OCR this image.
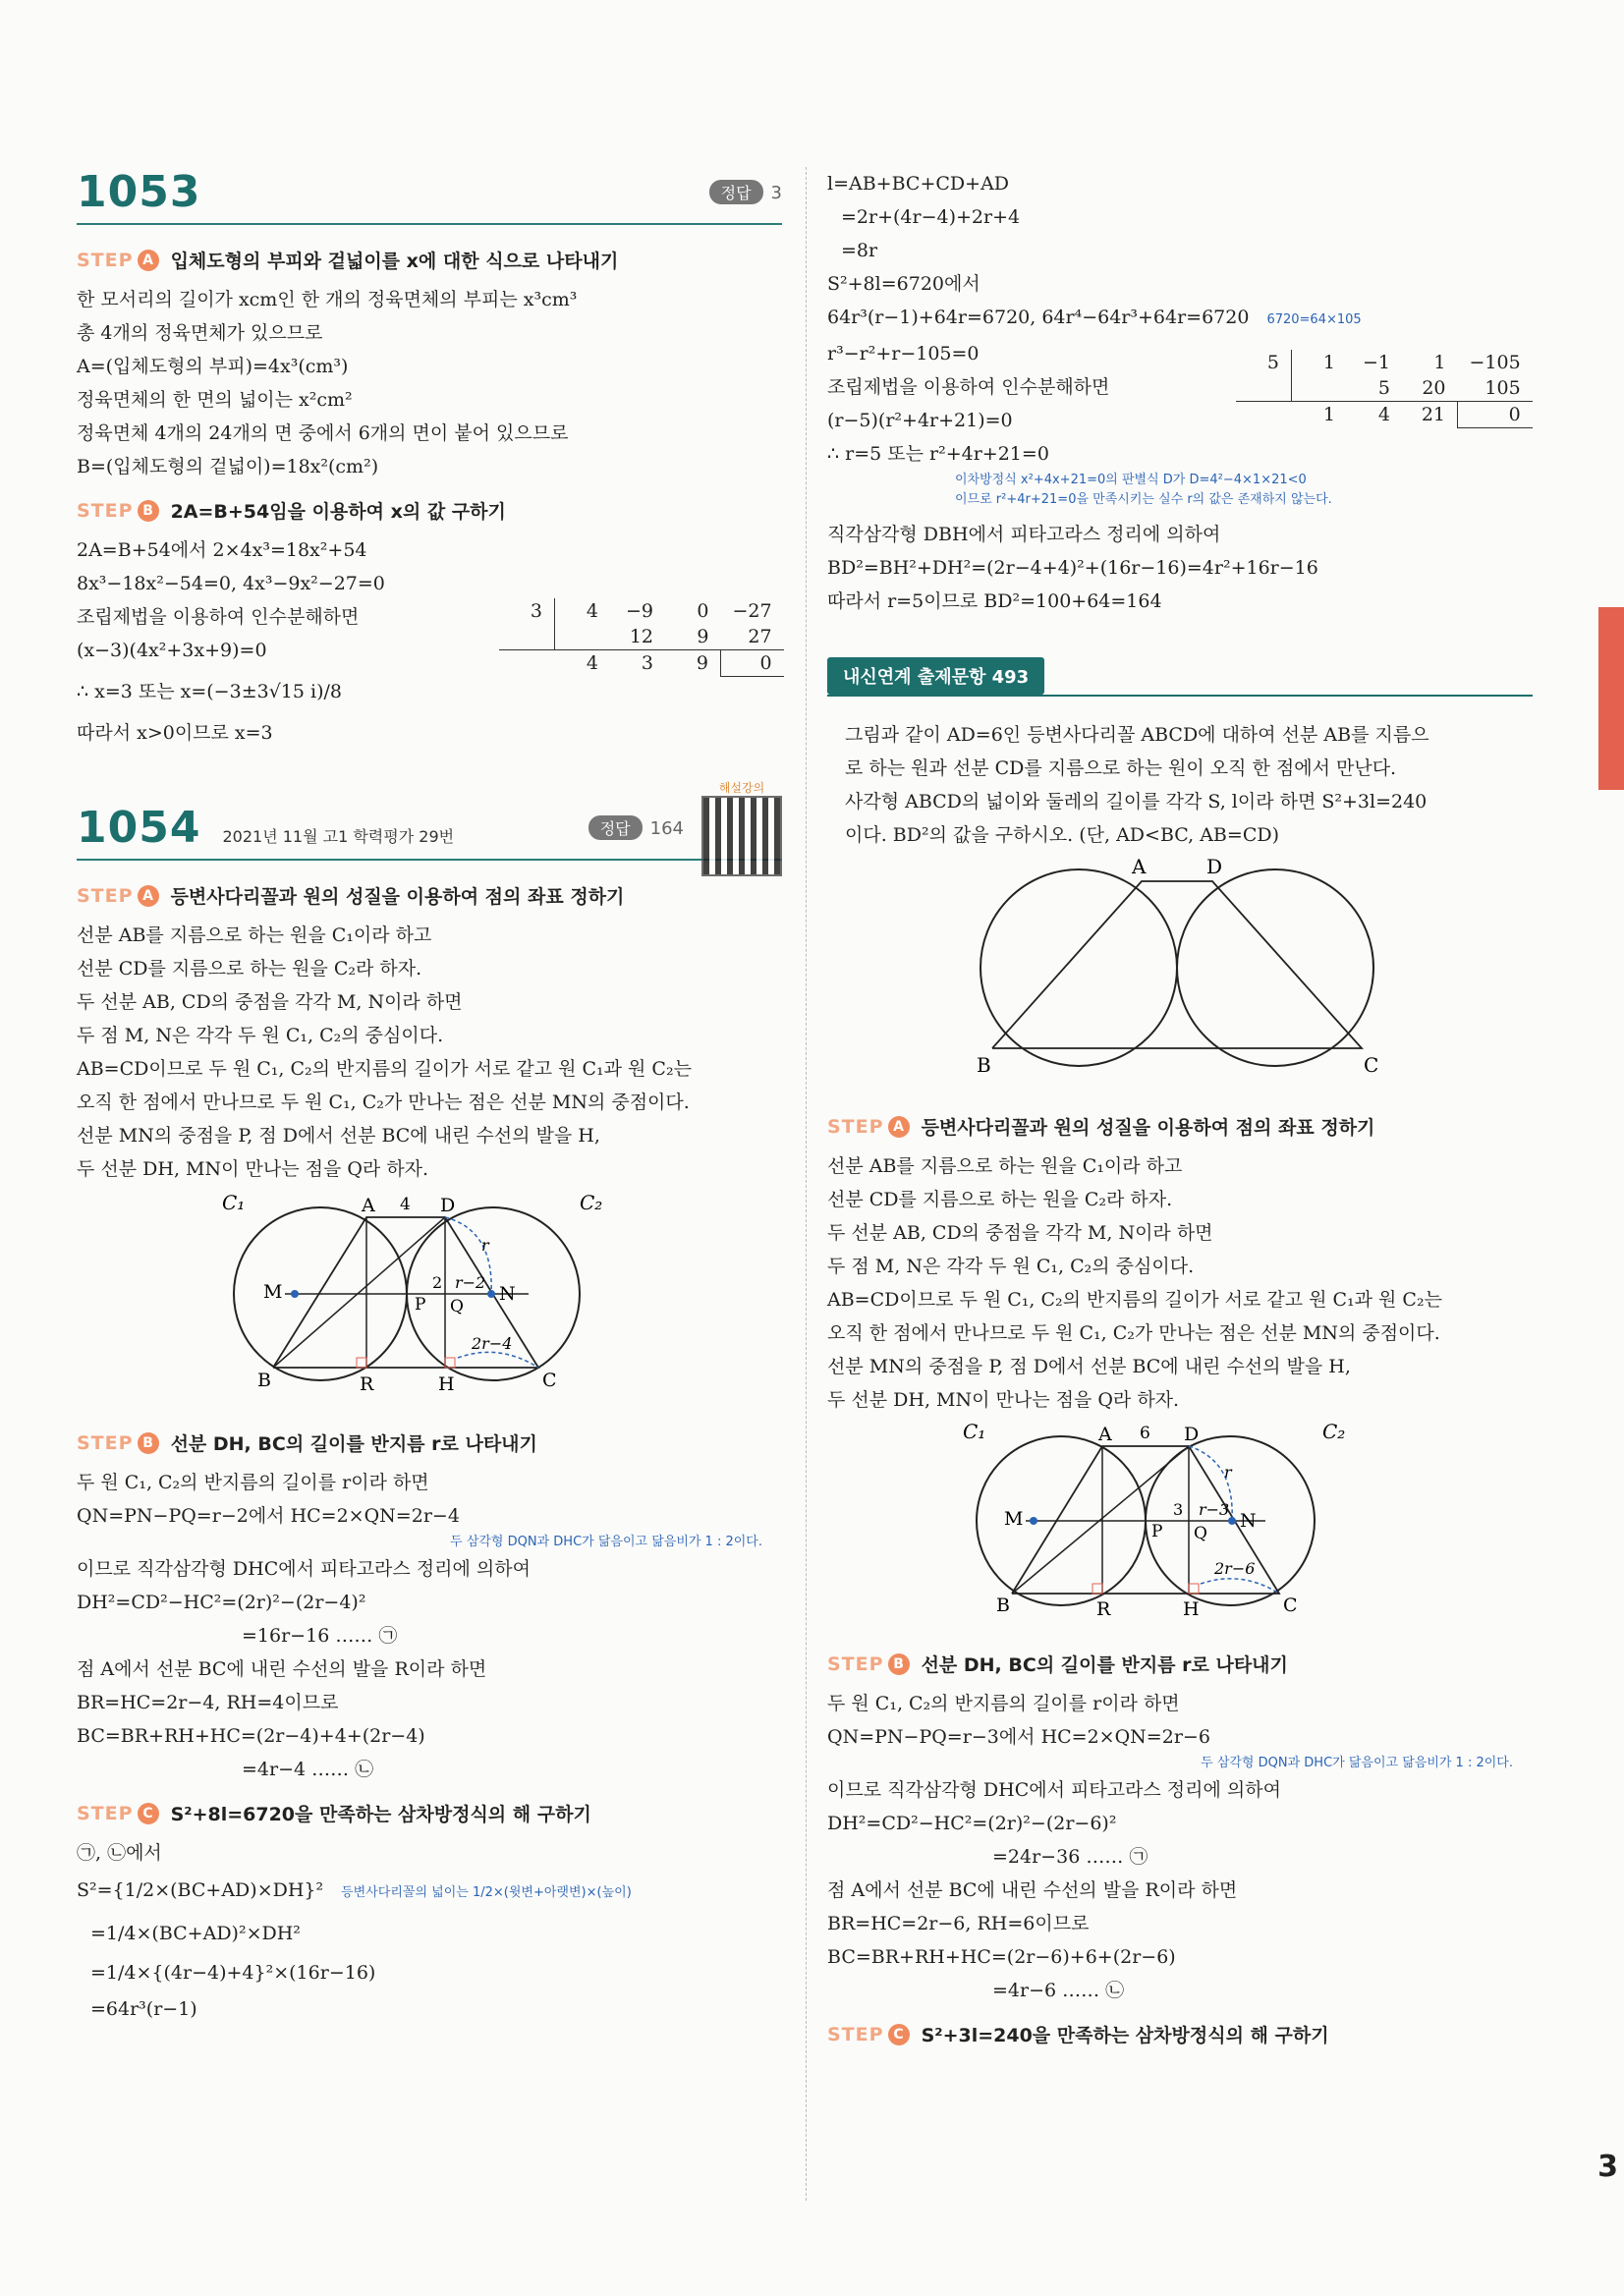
3
1053	정답 3
STEP A 입체도형의 부피와 겉넓이를 x에 대한 식으로 나타내기
한 모서리의 길이가 xcm인 한 개의 정육면체의 부피는 x³cm³
총 4개의 정육면체가 있으므로
A=(입체도형의 부피)=4x³(cm³)
정육면체의 한 면의 넓이는 x²cm²
정육면체 4개의 24개의 면 중에서 6개의 면이 붙어 있으므로
B=(입체도형의 겉넓이)=18x²(cm²)
STEP B 2A=B+54임을 이용하여 x의 값 구하기
2A=B+54에서 2×4x³=18x²+54
8x³−18x²−54=0, 4x³−9x²−27=0
조립제법을 이용하여 인수분해하면
(x−3)(4x²+3x+9)=0
∴ x=3 또는 x=(−3±3√15 i)/8
따라서 x>0이므로 x=3
3	4	−9	0	−27
		12	9	27
	4	3	9	0
1054 2021년 11월 고1 학력평가 29번	정답 164
해설강의
STEP A 등변사다리꼴과 원의 성질을 이용하여 점의 좌표 정하기
선분 AB를 지름으로 하는 원을 C₁이라 하고
선분 CD를 지름으로 하는 원을 C₂라 하자.
두 선분 AB, CD의 중점을 각각 M, N이라 하면
두 점 M, N은 각각 두 원 C₁, C₂의 중심이다.
AB=CD이므로 두 원 C₁, C₂의 반지름의 길이가 서로 같고 원 C₁과 원 C₂는
오직 한 점에서 만나므로 두 원 C₁, C₂가 만나는 점은 선분 MN의 중점이다.
선분 MN의 중점을 P, 점 D에서 선분 BC에 내린 수선의 발을 H,
두 선분 DH, MN이 만나는 점을 Q라 하자.
C₁	C₂
A 4 D
M	N
P Q
2 r−2
r
2r−4
B	R	H	C
STEP B 선분 DH, BC의 길이를 반지름 r로 나타내기
두 원 C₁, C₂의 반지름의 길이를 r이라 하면
QN=PN−PQ=r−2에서 HC=2×QN=2r−4
두 삼각형 DQN과 DHC가 닮음이고 닮음비가 1 : 2이다.
이므로 직각삼각형 DHC에서 피타고라스 정리에 의하여
DH²=CD²−HC²=(2r)²−(2r−4)²
=16r−16 …… ㉠
점 A에서 선분 BC에 내린 수선의 발을 R이라 하면
BR=HC=2r−4, RH=4이므로
BC=BR+RH+HC=(2r−4)+4+(2r−4)
=4r−4 …… ㉡
STEP C S²+8l=6720을 만족하는 삼차방정식의 해 구하기
㉠, ㉡에서
S²={1/2×(BC+AD)×DH}² 등변사다리꼴의 넓이는 1/2×(윗변+아랫변)×(높이)
=1/4×(BC+AD)²×DH²
=1/4×{(4r−4)+4}²×(16r−16)
=64r³(r−1)
l=AB+BC+CD+AD
=2r+(4r−4)+2r+4
=8r
S²+8l=6720에서
64r³(r−1)+64r=6720, 64r⁴−64r³+64r=6720 6720=64×105
r³−r²+r−105=0
조립제법을 이용하여 인수분해하면
(r−5)(r²+4r+21)=0
∴ r=5 또는 r²+4r+21=0
이차방정식 x²+4x+21=0의 판별식 D가 D=4²−4×1×21<0
이므로 r²+4r+21=0을 만족시키는 실수 r의 값은 존재하지 않는다.
직각삼각형 DBH에서 피타고라스 정리에 의하여
BD²=BH²+DH²=(2r−4+4)²+(16r−16)=4r²+16r−16
따라서 r=5이므로 BD²=100+64=164
5	1	−1	1	−105
		5	20	105
	1	4	21	0
내신연계 출제문항 493
그림과 같이 AD=6인 등변사다리꼴 ABCD에 대하여 선분 AB를 지름으
로 하는 원과 선분 CD를 지름으로 하는 원이 오직 한 점에서 만난다.
사각형 ABCD의 넓이와 둘레의 길이를 각각 S, l이라 하면 S²+3l=240
이다. BD²의 값을 구하시오. (단, AD<BC, AB=CD)
A	D
B	C
STEP A 등변사다리꼴과 원의 성질을 이용하여 점의 좌표 정하기
선분 AB를 지름으로 하는 원을 C₁이라 하고
선분 CD를 지름으로 하는 원을 C₂라 하자.
두 선분 AB, CD의 중점을 각각 M, N이라 하면
두 점 M, N은 각각 두 원 C₁, C₂의 중심이다.
AB=CD이므로 두 원 C₁, C₂의 반지름의 길이가 서로 같고 원 C₁과 원 C₂는
오직 한 점에서 만나므로 두 원 C₁, C₂가 만나는 점은 선분 MN의 중점이다.
선분 MN의 중점을 P, 점 D에서 선분 BC에 내린 수선의 발을 H,
두 선분 DH, MN이 만나는 점을 Q라 하자.
C₁	C₂
A 6 D
M	N
P Q
3 r−3
r
2r−6
B	R	H	C
STEP B 선분 DH, BC의 길이를 반지름 r로 나타내기
두 원 C₁, C₂의 반지름의 길이를 r이라 하면
QN=PN−PQ=r−3에서 HC=2×QN=2r−6
두 삼각형 DQN과 DHC가 닮음이고 닮음비가 1 : 2이다.
이므로 직각삼각형 DHC에서 피타고라스 정리에 의하여
DH²=CD²−HC²=(2r)²−(2r−6)²
=24r−36 …… ㉠
점 A에서 선분 BC에 내린 수선의 발을 R이라 하면
BR=HC=2r−6, RH=6이므로
BC=BR+RH+HC=(2r−6)+6+(2r−6)
=4r−6 …… ㉡
STEP C S²+3l=240을 만족하는 삼차방정식의 해 구하기
